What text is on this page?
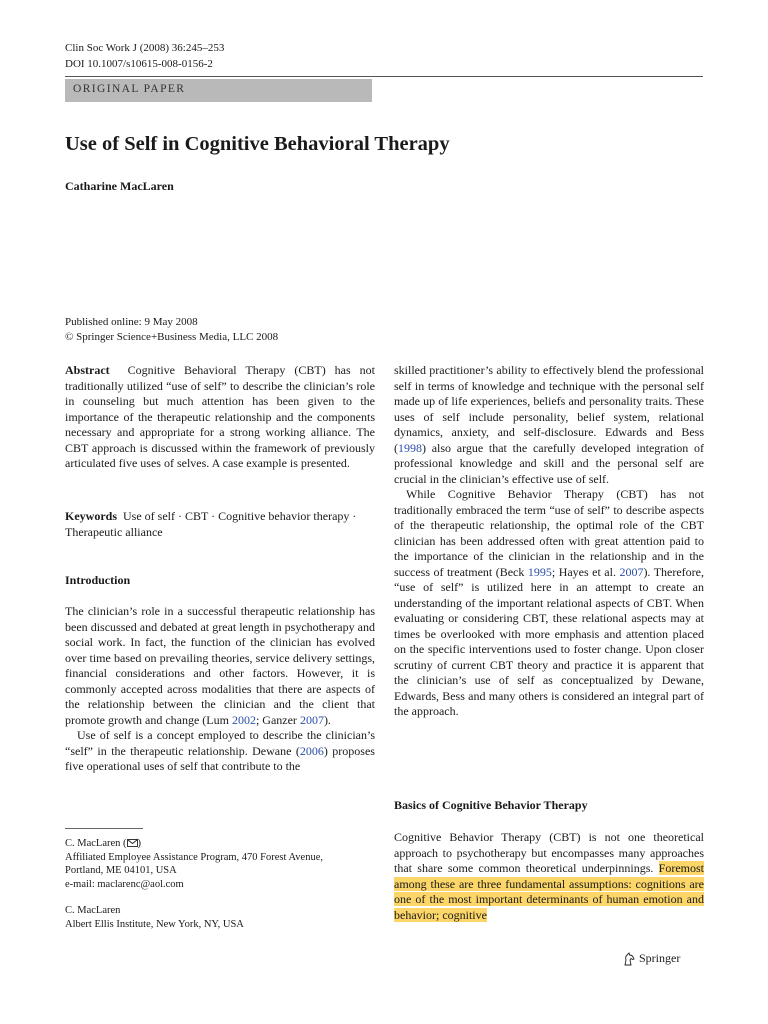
Clin Soc Work J (2008) 36:245–253
DOI 10.1007/s10615-008-0156-2
ORIGINAL PAPER
Use of Self in Cognitive Behavioral Therapy
Catharine MacLaren
Published online: 9 May 2008
© Springer Science+Business Media, LLC 2008

Abstract Cognitive Behavioral Therapy (CBT) has not traditionally utilized “use of self” to describe the clinician’s role in counseling but much attention has been given to the importance of the therapeutic relationship and the components necessary and appropriate for a strong working alliance. The CBT approach is discussed within the framework of previously articulated five uses of selves. A case example is presented.

Keywords Use of self · CBT · Cognitive behavior therapy · Therapeutic alliance

Introduction

The clinician’s role in a successful therapeutic relationship has been discussed and debated at great length in psychotherapy and social work. In fact, the function of the clinician has evolved over time based on prevailing theories, service delivery settings, financial considerations and other factors. However, it is commonly accepted across modalities that there are aspects of the relationship between the clinician and the client that promote growth and change (Lum 2002; Ganzer 2007).

Use of self is a concept employed to describe the clinician’s “self” in the therapeutic relationship. Dewane (2006) proposes five operational uses of self that contribute to the

C. MacLaren ( )
Affiliated Employee Assistance Program, 470 Forest Avenue,
Portland, ME 04101, USA
e-mail: maclarenc@aol.com
C. MacLaren
Albert Ellis Institute, New York, NY, USA

skilled practitioner’s ability to effectively blend the professional self in terms of knowledge and technique with the personal self made up of life experiences, beliefs and personality traits. These uses of self include personality, belief system, relational dynamics, anxiety, and self-disclosure. Edwards and Bess (1998) also argue that the carefully developed integration of professional knowledge and skill and the personal self are crucial in the clinician’s effective use of self.

While Cognitive Behavior Therapy (CBT) has not traditionally embraced the term “use of self” to describe aspects of the therapeutic relationship, the optimal role of the CBT clinician has been addressed often with great attention paid to the importance of the clinician in the relationship and in the success of treatment (Beck 1995; Hayes et al. 2007). Therefore, “use of self” is utilized here in an attempt to create an understanding of the important relational aspects of CBT. When evaluating or considering CBT, these relational aspects may at times be overlooked with more emphasis and attention placed on the specific interventions used to foster change. Upon closer scrutiny of current CBT theory and practice it is apparent that the clinician’s use of self as conceptualized by Dewane, Edwards, Bess and many others is considered an integral part of the approach.

Basics of Cognitive Behavior Therapy

Cognitive Behavior Therapy (CBT) is not one theoretical approach to psychotherapy but encompasses many approaches that share some common theoretical underpinnings. Foremost among these are three fundamental assumptions: cognitions are one of the most important determinants of human emotion and behavior; cognitive

Springer
